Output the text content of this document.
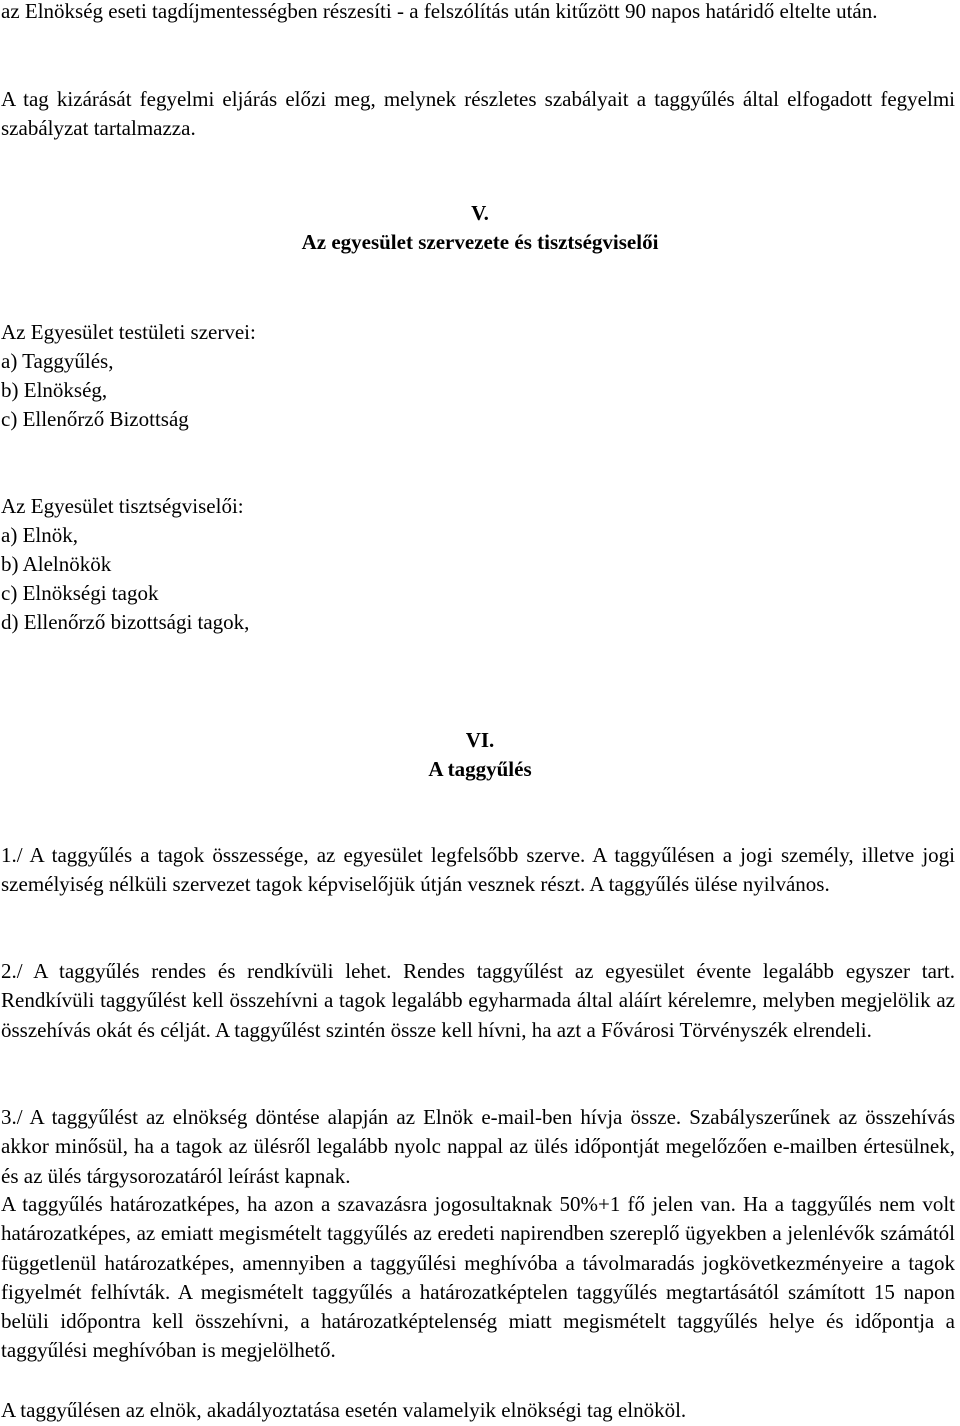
az Elnökség eseti tagdíjmentességben részesíti - a felszólítás után kitűzött 90 napos határidő eltelte után.

A tag kizárását fegyelmi eljárás előzi meg, melynek részletes szabályait a taggyűlés által elfogadott fegyelmi szabályzat tartalmazza.

V.

Az egyesület szervezete és tisztségviselői

Az Egyesület testületi szervei:

a) Taggyűlés,

b) Elnökség,

c) Ellenőrző Bizottság

Az Egyesület tisztségviselői:

a) Elnök,

b) Alelnökök

c) Elnökségi tagok

d) Ellenőrző bizottsági tagok,

VI.

A taggyűlés

1./ A taggyűlés a tagok összessége, az egyesület legfelsőbb szerve. A taggyűlésen a jogi személy, illetve jogi személyiség nélküli szervezet tagok képviselőjük útján vesznek részt. A taggyűlés ülése nyilvános.

2./ A taggyűlés rendes és rendkívüli lehet. Rendes taggyűlést az egyesület évente legalább egyszer tart. Rendkívüli taggyűlést kell összehívni a tagok legalább egyharmada által aláírt kérelemre, melyben megjelölik az összehívás okát és célját. A taggyűlést szintén össze kell hívni, ha azt a Fővárosi Törvényszék elrendeli.

3./ A taggyűlést az elnökség döntése alapján az Elnök e-mail-ben hívja össze. Szabályszerűnek az összehívás akkor minősül, ha a tagok az ülésről legalább nyolc nappal az ülés időpontját megelőzően e-mailben értesülnek, és az ülés tárgysorozatáról leírást kapnak.

A taggyűlés határozatképes, ha azon a szavazásra jogosultaknak 50%+1 fő jelen van. Ha a taggyűlés nem volt határozatképes, az emiatt megismételt taggyűlés az eredeti napirendben szereplő ügyekben a jelenlévők számától függetlenül határozatképes, amennyiben a taggyűlési meghívóba a távolmaradás jogkövetkezményeire a tagok figyelmét felhívták. A megismételt taggyűlés a határozatképtelen taggyűlés megtartásától számított 15 napon belüli időpontra kell összehívni, a határozatképtelenség miatt megismételt taggyűlés helye és időpontja a taggyűlési meghívóban is megjelölhető.

A taggyűlésen az elnök, akadályoztatása esetén valamelyik elnökségi tag elnököl.
